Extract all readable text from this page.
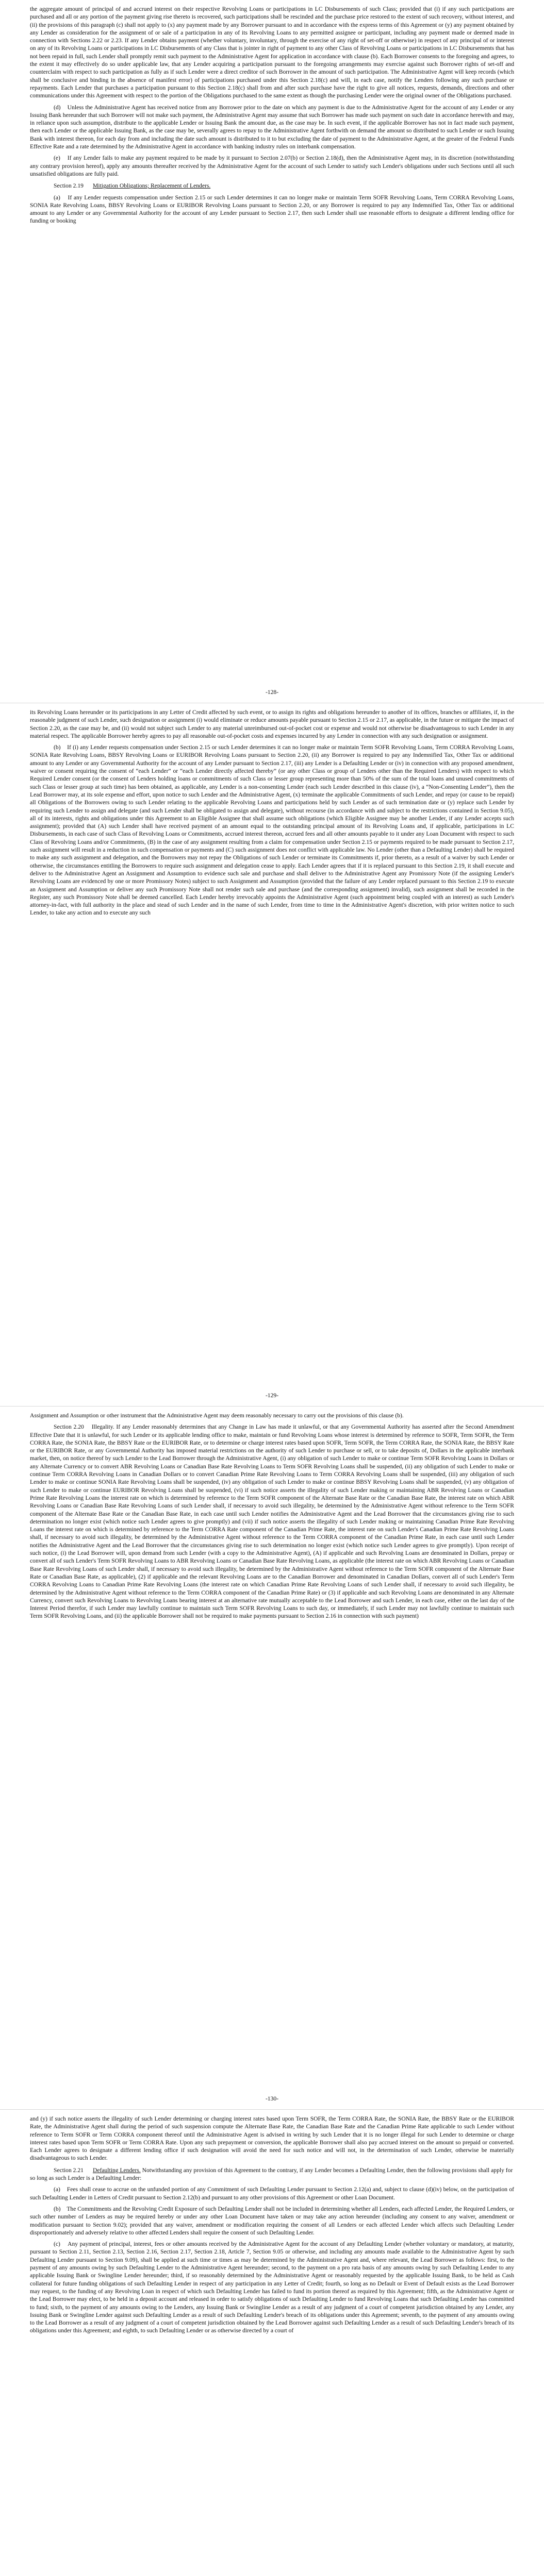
the aggregate amount of principal of and accrued interest on their respective Revolving Loans or participations in LC Disbursements of such Class; provided that (i) if any such participations are purchased and all or any portion of the payment giving rise thereto is recovered, such participations shall be rescinded and the purchase price restored to the extent of such recovery, without interest, and (ii) the provisions of this paragraph (c) shall not apply to (x) any payment made by any Borrower pursuant to and in accordance with the express terms of this Agreement or (y) any payment obtained by any Lender as consideration for the assignment of or sale of a participation in any of its Revolving Loans to any permitted assignee or participant, including any payment made or deemed made in connection with Sections 2.22 or 2.23. If any Lender obtains payment (whether voluntary, involuntary, through the exercise of any right of set-off or otherwise) in respect of any principal of or interest on any of its Revolving Loans or participations in LC Disbursements of any Class that is jointer in right of payment to any other Class of Revolving Loans or participations in LC Disbursements that has not been repaid in full, such Lender shall promptly remit such payment to the Administrative Agent for application in accordance with clause (b). Each Borrower consents to the foregoing and agrees, to the extent it may effectively do so under applicable law, that any Lender acquiring a participation pursuant to the foregoing arrangements may exercise against such Borrower rights of set-off and counterclaim with respect to such participation as fully as if such Lender were a direct creditor of such Borrower in the amount of such participation. The Administrative Agent will keep records (which shall be conclusive and binding in the absence of manifest error) of participations purchased under this Section 2.18(c) and will, in each case, notify the Lenders following any such purchase or repayments. Each Lender that purchases a participation pursuant to this Section 2.18(c) shall from and after such purchase have the right to give all notices, requests, demands, directions and other communications under this Agreement with respect to the portion of the Obligations purchased to the same extent as though the purchasing Lender were the original owner of the Obligations purchased.

(d)    Unless the Administrative Agent has received notice from any Borrower prior to the date on which any payment is due to the Administrative Agent for the account of any Lender or any Issuing Bank hereunder that such Borrower will not make such payment, the Administrative Agent may assume that such Borrower has made such payment on such date in accordance herewith and may, in reliance upon such assumption, distribute to the applicable Lender or Issuing Bank the amount due, as the case may be. In such event, if the applicable Borrower has not in fact made such payment, then each Lender or the applicable Issuing Bank, as the case may be, severally agrees to repay to the Administrative Agent forthwith on demand the amount so distributed to such Lender or such Issuing Bank with interest thereon, for each day from and including the date such amount is distributed to it to but excluding the date of payment to the Administrative Agent, at the greater of the Federal Funds Effective Rate and a rate determined by the Administrative Agent in accordance with banking industry rules on interbank compensation.

(e)    If any Lender fails to make any payment required to be made by it pursuant to Section 2.07(b) or Section 2.18(d), then the Administrative Agent may, in its discretion (notwithstanding any contrary provision hereof), apply any amounts thereafter received by the Administrative Agent for the account of such Lender to satisfy such Lender's obligations under such Sections until all such unsatisfied obligations are fully paid.

Section 2.19 Mitigation Obligations; Replacement of Lenders.

(a)    If any Lender requests compensation under Section 2.15 or such Lender determines it can no longer make or maintain Term SOFR Revolving Loans, Term CORRA Revolving Loans, SONIA Rate Revolving Loans, BBSY Revolving Loans or EURIBOR Revolving Loans pursuant to Section 2.20, or any Borrower is required to pay any Indemnified Tax, Other Tax or additional amount to any Lender or any Governmental Authority for the account of any Lender pursuant to Section 2.17, then such Lender shall use reasonable efforts to designate a different lending office for funding or booking

-128-

its Revolving Loans hereunder or its participations in any Letter of Credit affected by such event, or to assign its rights and obligations hereunder to another of its offices, branches or affiliates, if, in the reasonable judgment of such Lender, such designation or assignment (i) would eliminate or reduce amounts payable pursuant to Section 2.15 or 2.17, as applicable, in the future or mitigate the impact of Section 2.20, as the case may be, and (ii) would not subject such Lender to any material unreimbursed out-of-pocket cost or expense and would not otherwise be disadvantageous to such Lender in any material respect. The applicable Borrower hereby agrees to pay all reasonable out-of-pocket costs and expenses incurred by any Lender in connection with any such designation or assignment.

(b)    If (i) any Lender requests compensation under Section 2.15 or such Lender determines it can no longer make or maintain Term SOFR Revolving Loans, Term CORRA Revolving Loans, SONIA Rate Revolving Loans, BBSY Revolving Loans or EURIBOR Revolving Loans pursuant to Section 2.20, (ii) any Borrower is required to pay any Indemnified Tax, Other Tax or additional amount to any Lender or any Governmental Authority for the account of any Lender pursuant to Section 2.17, (iii) any Lender is a Defaulting Lender or (iv) in connection with any proposed amendment, waiver or consent requiring the consent of “each Lender” or “each Lender directly affected thereby” (or any other Class or group of Lenders other than the Required Lenders) with respect to which Required Lender consent (or the consent of Lenders holding loans or commitments of such Class or lesser group representing more than 50% of the sum of the total loans and unused commitments of such Class or lesser group at such time) has been obtained, as applicable, any Lender is a non-consenting Lender (each such Lender described in this clause (iv), a “Non-Consenting Lender”), then the Lead Borrower may, at its sole expense and effort, upon notice to such Lender and the Administrative Agent, (x) terminate the applicable Commitments of such Lender, and repay (or cause to be repaid) all Obligations of the Borrowers owing to such Lender relating to the applicable Revolving Loans and participations held by such Lender as of such termination date or (y) replace such Lender by requiring such Lender to assign and delegate (and such Lender shall be obligated to assign and delegate), without recourse (in accordance with and subject to the restrictions contained in Section 9.05), all of its interests, rights and obligations under this Agreement to an Eligible Assignee that shall assume such obligations (which Eligible Assignee may be another Lender, if any Lender accepts such assignment); provided that (A) such Lender shall have received payment of an amount equal to the outstanding principal amount of its Revolving Loans and, if applicable, participations in LC Disbursements, in each case of such Class of Revolving Loans or Commitments, accrued interest thereon, accrued fees and all other amounts payable to it under any Loan Document with respect to such Class of Revolving Loans and/or Commitments, (B) in the case of any assignment resulting from a claim for compensation under Section 2.15 or payments required to be made pursuant to Section 2.17, such assignment will result in a reduction in such compensation or payments and (C) such assignment does not conflict with applicable law. No Lender (other than a Defaulting Lender) shall be required to make any such assignment and delegation, and the Borrowers may not repay the Obligations of such Lender or terminate its Commitments if, prior thereto, as a result of a waiver by such Lender or otherwise, the circumstances entitling the Borrowers to require such assignment and delegation cease to apply. Each Lender agrees that if it is replaced pursuant to this Section 2.19, it shall execute and deliver to the Administrative Agent an Assignment and Assumption to evidence such sale and purchase and shall deliver to the Administrative Agent any Promissory Note (if the assigning Lender's Revolving Loans are evidenced by one or more Promissory Notes) subject to such Assignment and Assumption (provided that the failure of any Lender replaced pursuant to this Section 2.19 to execute an Assignment and Assumption or deliver any such Promissory Note shall not render such sale and purchase (and the corresponding assignment) invalid), such assignment shall be recorded in the Register, any such Promissory Note shall be deemed cancelled. Each Lender hereby irrevocably appoints the Administrative Agent (such appointment being coupled with an interest) as such Lender's attorney-in-fact, with full authority in the place and stead of such Lender and in the name of such Lender, from time to time in the Administrative Agent's discretion, with prior written notice to such Lender, to take any action and to execute any such

-129-

Assignment and Assumption or other instrument that the Administrative Agent may deem reasonably necessary to carry out the provisions of this clause (b).

Section 2.20    Illegality. If any Lender reasonably determines that any Change in Law has made it unlawful, or that any Governmental Authority has asserted after the Second Amendment Effective Date that it is unlawful, for such Lender or its applicable lending office to make, maintain or fund Revolving Loans whose interest is determined by reference to SOFR, Term SOFR, the Term CORRA Rate, the SONIA Rate, the BBSY Rate or the EURIBOR Rate, or to determine or charge interest rates based upon SOFR, Term SOFR, the Term CORRA Rate, the SONIA Rate, the BBSY Rate or the EURIBOR Rate, or any Governmental Authority has imposed material restrictions on the authority of such Lender to purchase or sell, or to take deposits of, Dollars in the applicable interbank market, then, on notice thereof by such Lender to the Lead Borrower through the Administrative Agent, (i) any obligation of such Lender to make or continue Term SOFR Revolving Loans in Dollars or any Alternate Currency or to convert ABR Revolving Loans or Canadian Base Rate Revolving Loans to Term SOFR Revolving Loans shall be suspended, (ii) any obligation of such Lender to make or continue Term CORRA Revolving Loans in Canadian Dollars or to convert Canadian Prime Rate Revolving Loans to Term CORRA Revolving Loans shall be suspended, (iii) any obligation of such Lender to make or continue SONIA Rate Revolving Loans shall be suspended, (iv) any obligation of such Lender to make or continue BBSY Revolving Loans shall be suspended, (v) any obligation of such Lender to make or continue EURIBOR Revolving Loans shall be suspended, (vi) if such notice asserts the illegality of such Lender making or maintaining ABR Revolving Loans or Canadian Prime Rate Revolving Loans the interest rate on which is determined by reference to the Term SOFR component of the Alternate Base Rate or the Canadian Base Rate, the interest rate on which ABR Revolving Loans or Canadian Base Rate Revolving Loans of such Lender shall, if necessary to avoid such illegality, be determined by the Administrative Agent without reference to the Term SOFR component of the Alternate Base Rate or the Canadian Base Rate, in each case until such Lender notifies the Administrative Agent and the Lead Borrower that the circumstances giving rise to such determination no longer exist (which notice such Lender agrees to give promptly) and (vii) if such notice asserts the illegality of such Lender making or maintaining Canadian Prime Rate Revolving Loans the interest rate on which is determined by reference to the Term CORRA Rate component of the Canadian Prime Rate, the interest rate on such Lender's Canadian Prime Rate Revolving Loans shall, if necessary to avoid such illegality, be determined by the Administrative Agent without reference to the Term CORRA component of the Canadian Prime Rate, in each case until such Lender notifies the Administrative Agent and the Lead Borrower that the circumstances giving rise to such determination no longer exist (which notice such Lender agrees to give promptly). Upon receipt of such notice, (i) the Lead Borrower will, upon demand from such Lender (with a copy to the Administrative Agent), (A) if applicable and such Revolving Loans are denominated in Dollars, prepay or convert all of such Lender's Term SOFR Revolving Loans to ABR Revolving Loans or Canadian Base Rate Revolving Loans, as applicable (the interest rate on which ABR Revolving Loans or Canadian Base Rate Revolving Loans of such Lender shall, if necessary to avoid such illegality, be determined by the Administrative Agent without reference to the Term SOFR component of the Alternate Base Rate or Canadian Base Rate, as applicable), (2) if applicable and the relevant Revolving Loans are to the Canadian Borrower and denominated in Canadian Dollars, convert all of such Lender's Term CORRA Revolving Loans to Canadian Prime Rate Revolving Loans (the interest rate on which Canadian Prime Rate Revolving Loans of such Lender shall, if necessary to avoid such illegality, be determined by the Administrative Agent without reference to the Term CORRA component of the Canadian Prime Rate) or (3) if applicable and such Revolving Loans are denominated in any Alternate Currency, convert such Revolving Loans to Revolving Loans bearing interest at an alternative rate mutually acceptable to the Lead Borrower and such Lender, in each case, either on the last day of the Interest Period therefor, if such Lender may lawfully continue to maintain such Term SOFR Revolving Loans to such day, or immediately, if such Lender may not lawfully continue to maintain such Term SOFR Revolving Loans, and (ii) the applicable Borrower shall not be required to make payments pursuant to Section 2.16 in connection with such payment)

-130-

and (y) if such notice asserts the illegality of such Lender determining or charging interest rates based upon Term SOFR, the Term CORRA Rate, the SONIA Rate, the BBSY Rate or the EURIBOR Rate, the Administrative Agent shall during the period of such suspension compute the Alternate Base Rate, the Canadian Base Rate and the Canadian Prime Rate applicable to such Lender without reference to Term SOFR or Term CORRA component thereof until the Administrative Agent is advised in writing by such Lender that it is no longer illegal for such Lender to determine or charge interest rates based upon Term SOFR or Term CORRA Rate. Upon any such prepayment or conversion, the applicable Borrower shall also pay accrued interest on the amount so prepaid or converted. Each Lender agrees to designate a different lending office if such designation will avoid the need for such notice and will not, in the determination of such Lender, otherwise be materially disadvantageous to such Lender.

Section 2.21 Defaulting Lenders. Notwithstanding any provision of this Agreement to the contrary, if any Lender becomes a Defaulting Lender, then the following provisions shall apply for so long as such Lender is a Defaulting Lender:

(a)    Fees shall cease to accrue on the unfunded portion of any Commitment of such Defaulting Lender pursuant to Section 2.12(a) and, subject to clause (d)(iv) below, on the participation of such Defaulting Lender in Letters of Credit pursuant to Section 2.12(b) and pursuant to any other provisions of this Agreement or other Loan Document.

(b)    The Commitments and the Revolving Credit Exposure of such Defaulting Lender shall not be included in determining whether all Lenders, each affected Lender, the Required Lenders, or such other number of Lenders as may be required hereby or under any other Loan Document have taken or may take any action hereunder (including any consent to any waiver, amendment or modification pursuant to Section 9.02); provided that any waiver, amendment or modification requiring the consent of all Lenders or each affected Lender which affects such Defaulting Lender disproportionately and adversely relative to other affected Lenders shall require the consent of such Defaulting Lender.

(c)    Any payment of principal, interest, fees or other amounts received by the Administrative Agent for the account of any Defaulting Lender (whether voluntary or mandatory, at maturity, pursuant to Section 2.11, Section 2.13, Section 2.16, Section 2.17, Section 2.18, Article 7, Section 9.05 or otherwise, and including any amounts made available to the Administrative Agent by such Defaulting Lender pursuant to Section 9.09), shall be applied at such time or times as may be determined by the Administrative Agent and, where relevant, the Lead Borrower as follows: first, to the payment of any amounts owing by such Defaulting Lender to the Administrative Agent hereunder; second, to the payment on a pro rata basis of any amounts owing by such Defaulting Lender to any applicable Issuing Bank or Swingline Lender hereunder; third, if so reasonably determined by the Administrative Agent or reasonably requested by the applicable Issuing Bank, to be held as Cash collateral for future funding obligations of such Defaulting Lender in respect of any participation in any Letter of Credit; fourth, so long as no Default or Event of Default exists as the Lead Borrower may request, to the funding of any Revolving Loan in respect of which such Defaulting Lender has failed to fund its portion thereof as required by this Agreement; fifth, as the Administrative Agent or the Lead Borrower may elect, to be held in a deposit account and released in order to satisfy obligations of such Defaulting Lender to fund Revolving Loans that such Defaulting Lender has committed to fund; sixth, to the payment of any amounts owing to the Lenders, any Issuing Bank or Swingline Lender as a result of any judgment of a court of competent jurisdiction obtained by any Lender, any Issuing Bank or Swingline Lender against such Defaulting Lender as a result of such Defaulting Lender's breach of its obligations under this Agreement; seventh, to the payment of any amounts owing to the Lead Borrower as a result of any judgment of a court of competent jurisdiction obtained by the Lead Borrower against such Defaulting Lender as a result of such Defaulting Lender's breach of its obligations under this Agreement; and eighth, to such Defaulting Lender or as otherwise directed by a court of
